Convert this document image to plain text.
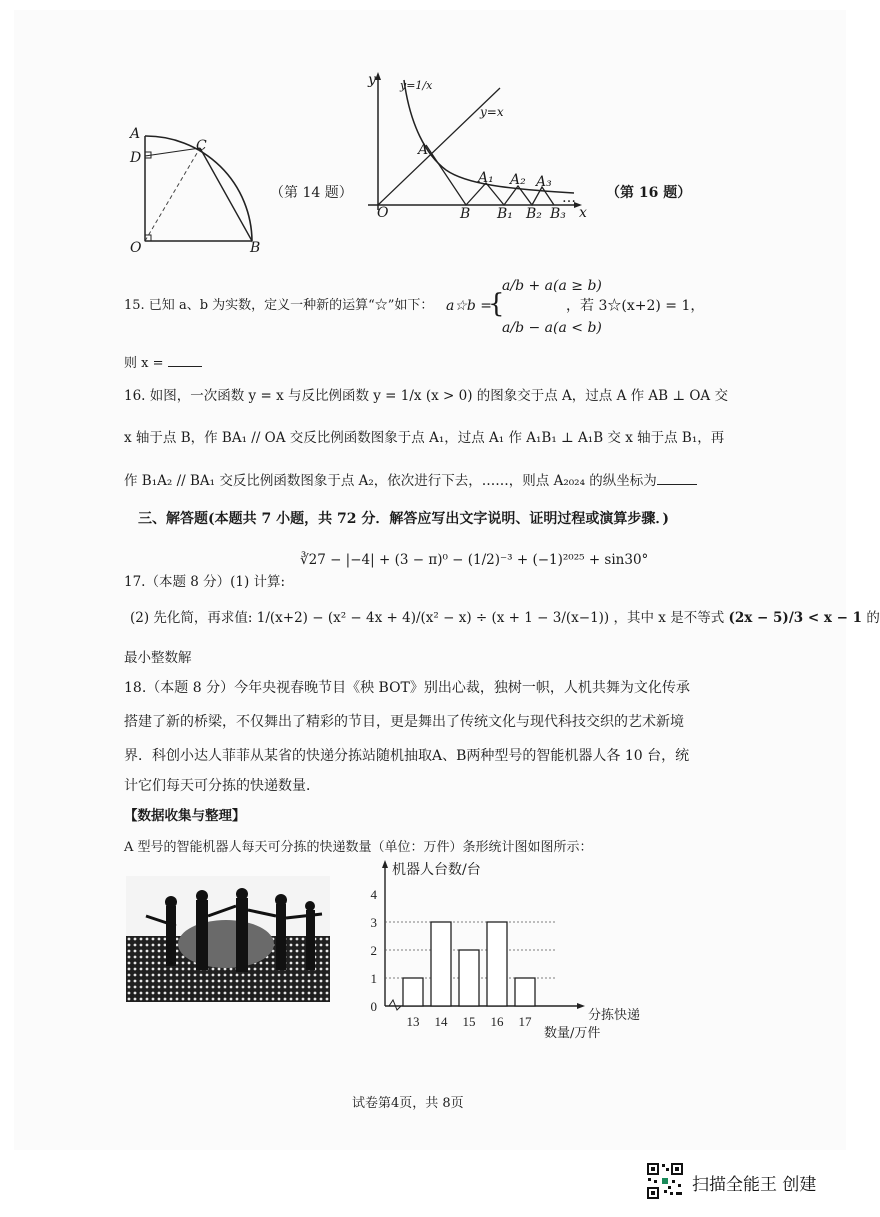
A
C
D
O	B
（第 14 题）
y
x
O
y=1/x
y=x
A
A₁ A₂ A₃
B B₁ B₂ B₃
… （第 16 题）
15. 已知 a、b 为实数，定义一种新的运算“☆”如下： a☆b =
{
a/b + a(a ≥ b)
a/b − a(a < b)
，若 3☆(x+2) = 1，
则 x =
16. 如图，一次函数 y = x 与反比例函数 y = 1/x (x > 0) 的图象交于点 A，过点 A 作 AB ⊥ OA 交
x 轴于点 B，作 BA₁ // OA 交反比例函数图象于点 A₁，过点 A₁ 作 A₁B₁ ⊥ A₁B 交 x 轴于点 B₁，再
作 B₁A₂ // BA₁ 交反比例函数图象于点 A₂，依次进行下去，……，则点 A₂₀₂₄ 的纵坐标为
三、解答题(本题共 7 小题，共 72 分．解答应写出文字说明、证明过程或演算步骤．)
∛27 − |−4| + (3 − π)⁰ − (1/2)⁻³ + (−1)²⁰²⁵ + sin30°
17.（本题 8 分）(1) 计算:
(2) 先化简，再求值: 1/(x+2) − (x² − 4x + 4)/(x² − x) ÷ (x + 1 − 3/(x−1)) ，其中 x 是不等式 (2x − 5)/3 < x − 1 的
最小整数解
18.（本题 8 分）今年央视春晚节目《秧 BOT》别出心裁，独树一帜，人机共舞为文化传承
搭建了新的桥梁，不仅舞出了精彩的节目，更是舞出了传统文化与现代科技交织的艺术新境
界．科创小达人菲菲从某省的快递分拣站随机抽取A、B两种型号的智能机器人各 10 台，统
计它们每天可分拣的快递数量．
【数据收集与整理】
A 型号的智能机器人每天可分拣的快递数量（单位：万件）条形统计图如图所示：
0
1
2
3
4
13 14 15 16 17
机器人台数/台
分拣快递
数量/万件
试卷第4页，共 8页
扫描全能王 创建
